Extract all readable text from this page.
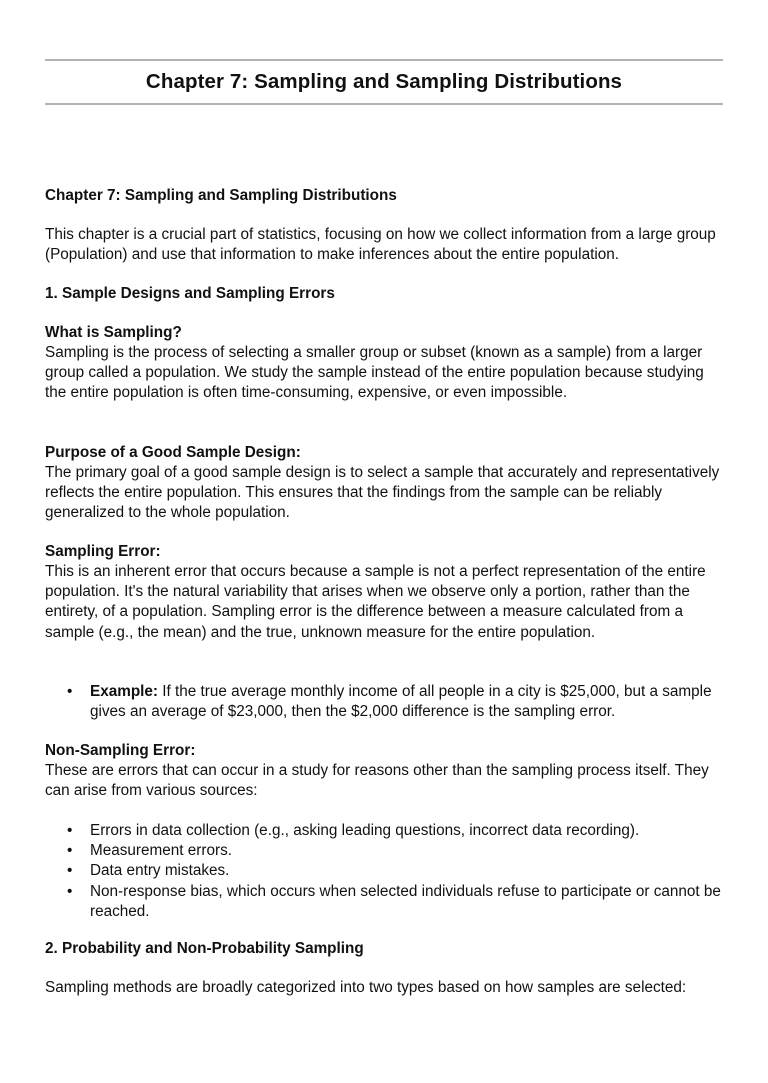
Chapter 7: Sampling and Sampling Distributions

Chapter 7: Sampling and Sampling Distributions

This chapter is a crucial part of statistics, focusing on how we collect information from a large group (Population) and use that information to make inferences about the entire population.

1. Sample Designs and Sampling Errors

What is Sampling?

Sampling is the process of selecting a smaller group or subset (known as a sample) from a larger group called a population. We study the sample instead of the entire population because studying the entire population is often time-consuming, expensive, or even impossible.

Purpose of a Good Sample Design:

The primary goal of a good sample design is to select a sample that accurately and representatively reflects the entire population. This ensures that the findings from the sample can be reliably generalized to the whole population.

Sampling Error:

This is an inherent error that occurs because a sample is not a perfect representation of the entire population. It's the natural variability that arises when we observe only a portion, rather than the entirety, of a population. Sampling error is the difference between a measure calculated from a sample (e.g., the mean) and the true, unknown measure for the entire population.

• Example: If the true average monthly income of all people in a city is $25,000, but a sample gives an average of $23,000, then the $2,000 difference is the sampling error.

Non-Sampling Error:

These are errors that can occur in a study for reasons other than the sampling process itself. They can arise from various sources:

• Errors in data collection (e.g., asking leading questions, incorrect data recording).
• Measurement errors.
• Data entry mistakes.
• Non-response bias, which occurs when selected individuals refuse to participate or cannot be reached.

2. Probability and Non-Probability Sampling

Sampling methods are broadly categorized into two types based on how samples are selected:
